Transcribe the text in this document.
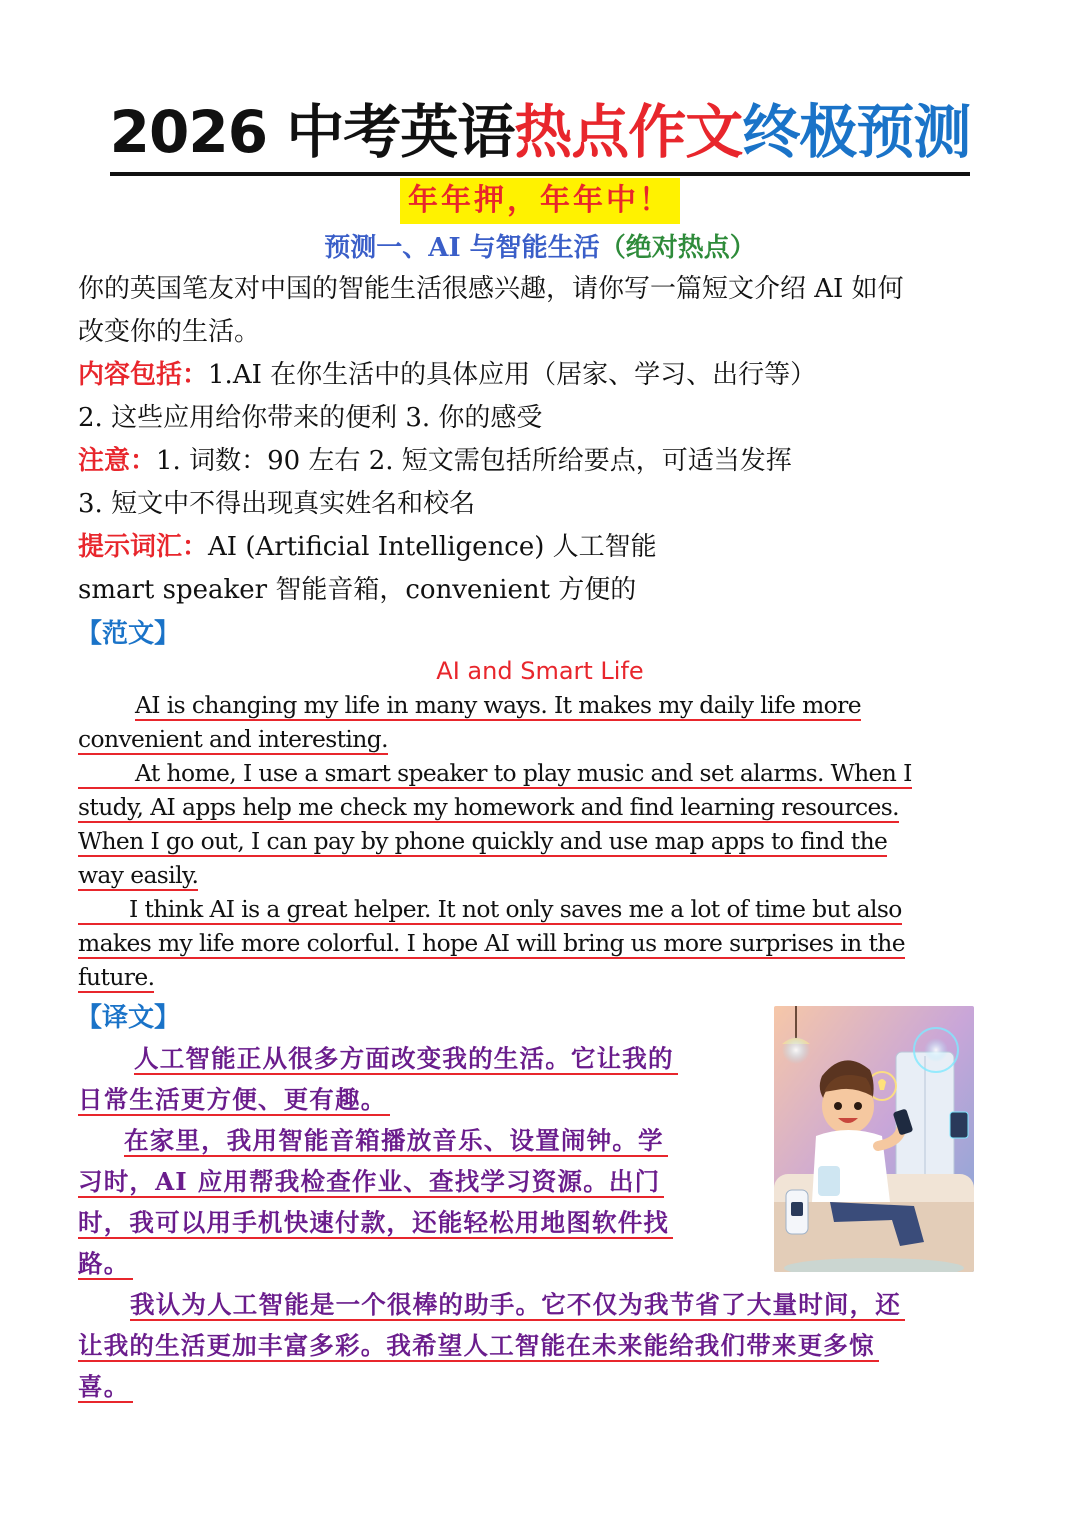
2026 中考英语热点作文终极预测
年年押，年年中！
预测一、AI 与智能生活（绝对热点）
你的英国笔友对中国的智能生活很感兴趣，请你写一篇短文介绍 AI 如何
改变你的生活。
内容包括：1.AI 在你生活中的具体应用（居家、学习、出行等）
2. 这些应用给你带来的便利 3. 你的感受
注意：1. 词数：90 左右 2. 短文需包括所给要点，可适当发挥
3. 短文中不得出现真实姓名和校名
提示词汇：AI (Artificial Intelligence) 人工智能
smart speaker 智能音箱，convenient 方便的
【范文】
AI and Smart Life
AI is changing my life in many ways. It makes my daily life more
convenient and interesting.
At home, I use a smart speaker to play music and set alarms. When I
study, AI apps help me check my homework and find learning resources.
When I go out, I can pay by phone quickly and use map apps to find the
way easily.
I think AI is a great helper. It not only saves me a lot of time but also
makes my life more colorful. I hope AI will bring us more surprises in the
future.
【译文】
人工智能正从很多方面改变我的生活。它让我的
日常生活更方便、更有趣。
在家里，我用智能音箱播放音乐、设置闹钟。学
习时，AI 应用帮我检查作业、查找学习资源。出门
时，我可以用手机快速付款，还能轻松用地图软件找
路。
我认为人工智能是一个很棒的助手。它不仅为我节省了大量时间，还
让我的生活更加丰富多彩。我希望人工智能在未来能给我们带来更多惊
喜。
